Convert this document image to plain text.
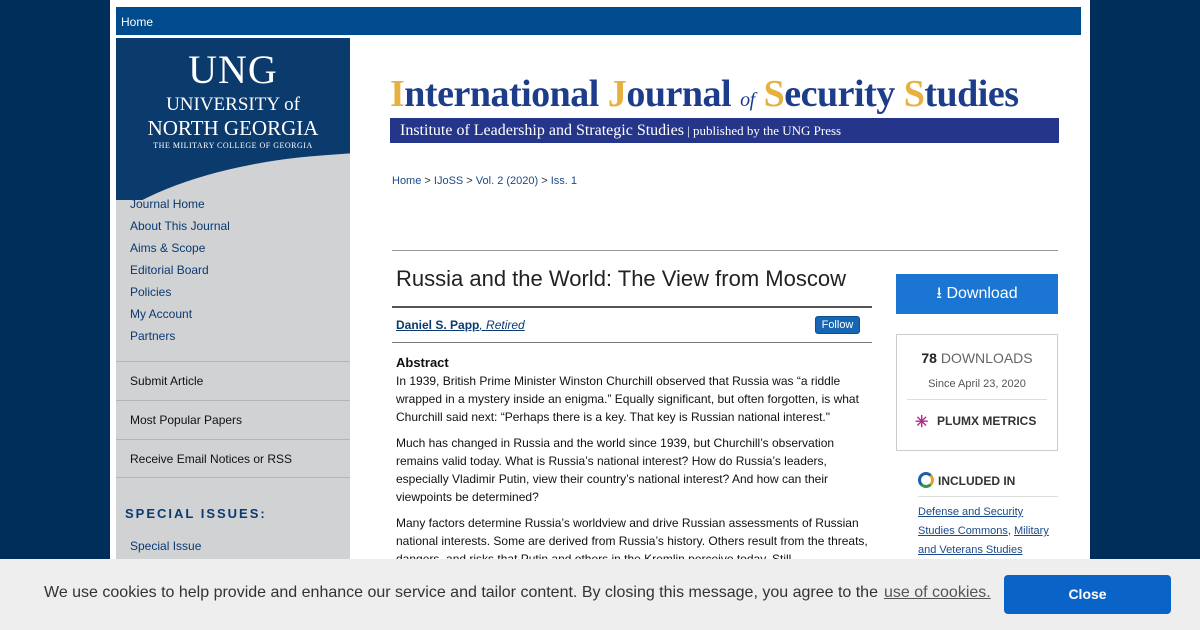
Home
UNG
UNIVERSITY of
NORTH GEORGIA
THE MILITARY COLLEGE OF GEORGIA
Journal Home
About This Journal
Aims & Scope
Editorial Board
Policies
My Account
Partners
Submit Article
Most Popular Papers
Receive Email Notices or RSS
SPECIAL ISSUES:
Special Issue
International Journal of Security Studies
Institute of Leadership and Strategic Studies | published by the UNG Press
Home > IJoSS > Vol. 2 (2020) > Iss. 1
Russia and the World: The View from Moscow
Daniel S. Papp, Retired	Follow
Abstract
In 1939, British Prime Minister Winston Churchill observed that Russia was “a riddle wrapped in a mystery inside an enigma.” Equally significant, but often forgotten, is what Churchill said next: “Perhaps there is a key. That key is Russian national interest."
Much has changed in Russia and the world since 1939, but Churchill’s observation remains valid today. What is Russia’s national interest? How do Russia’s leaders, especially Vladimir Putin, view their country’s national interest? And how can their viewpoints be determined?
Many factors determine Russia’s worldview and drive Russian assessments of Russian national interests. Some are derived from Russia’s history. Others result from the threats,
⭳ Download
78 DOWNLOADS
Since April 23, 2020
✳ PLUMX METRICS
INCLUDED IN
Defense and Security Studies Commons, Military and Veterans Studies
We use cookies to help provide and enhance our service and tailor content. By closing this message, you agree to the use of cookies.	Close
